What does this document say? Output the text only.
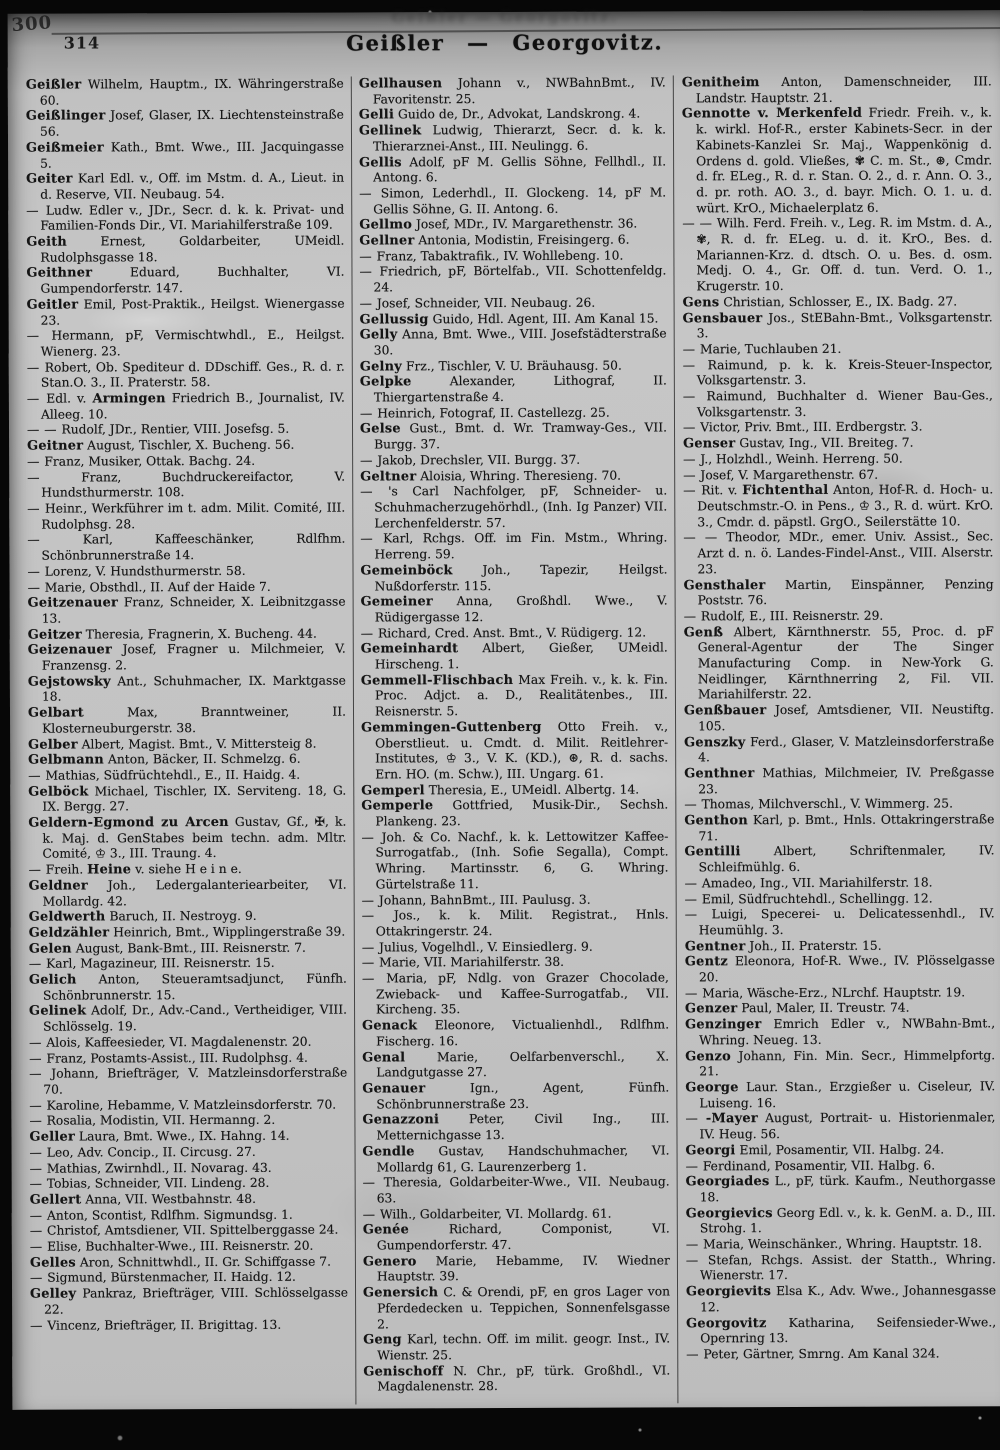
300	Geißler — Georgovitz.
314	Geißler — Georgovitz.

Geißler Wilhelm, Hauptm., IX. Währingerstraße 60.

Geißlinger Josef, Glaser, IX. Liechtensteinstraße 56.

Geißmeier Kath., Bmt. Wwe., III. Jacquingasse 5.

Geiter Karl Edl. v., Off. im Mstm. d. A., Lieut. in d. Reserve, VII. Neubaug. 54.

— Ludw. Edler v., JDr., Secr. d. k. k. Privat- und Familien-Fonds Dir., VI. Mariahilferstraße 109.

Geith Ernest, Goldarbeiter, UMeidl. Rudolphsgasse 18.

Geithner Eduard, Buchhalter, VI. Gumpendorferstr. 147.

Geitler Emil, Post-Praktik., Heilgst. Wienergasse 23.

— Hermann, pF, Vermischtwhdl., E., Heilgst. Wienerg. 23.

— Robert, Ob. Spediteur d. DDschiff. Ges., R. d. r. Stan.O. 3., II. Praterstr. 58.

— Edl. v. Armingen Friedrich B., Journalist, IV. Alleeg. 10.

— — Rudolf, JDr., Rentier, VIII. Josefsg. 5.

Geitner August, Tischler, X. Bucheng. 56.

— Franz, Musiker, Ottak. Bachg. 24.

— Franz, Buchdruckereifactor, V. Hundsthurmerstr. 108.

— Heinr., Werkführer im t. adm. Milit. Comité, III. Rudolphsg. 28.

— Karl, Kaffeeschänker, Rdlfhm. Schönbrunnerstraße 14.

— Lorenz, V. Hundsthurmerstr. 58.

— Marie, Obsthdl., II. Auf der Haide 7.

Geitzenauer Franz, Schneider, X. Leibnitzgasse 13.

Geitzer Theresia, Fragnerin, X. Bucheng. 44.

Geizenauer Josef, Fragner u. Milchmeier, V. Franzensg. 2.

Gejstowsky Ant., Schuhmacher, IX. Marktgasse 18.

Gelbart Max, Branntweiner, II. Klosterneuburgerstr. 38.

Gelber Albert, Magist. Bmt., V. Mittersteig 8.

Gelbmann Anton, Bäcker, II. Schmelzg. 6.

— Mathias, Südfrüchtehdl., E., II. Haidg. 4.

Gelböck Michael, Tischler, IX. Serviteng. 18, G. IX. Bergg. 27.

Geldern-Egmond zu Arcen Gustav, Gf., ✠, k. k. Maj. d. GenStabes beim techn. adm. Mltr. Comité, ♔ 3., III. Traung. 4.

— Freih. Heine v. siehe H e i n e.

Geldner Joh., Ledergalanteriearbeiter, VI. Mollardg. 42.

Geldwerth Baruch, II. Nestroyg. 9.

Geldzähler Heinrich, Bmt., Wipplingerstraße 39.

Gelen August, Bank-Bmt., III. Reisnerstr. 7.

— Karl, Magazineur, III. Reisnerstr. 15.

Gelich Anton, Steueramtsadjunct, Fünfh. Schönbrunnerstr. 15.

Gelinek Adolf, Dr., Adv.-Cand., Vertheidiger, VIII. Schlösselg. 19.

— Alois, Kaffeesieder, VI. Magdalenenstr. 20.

— Franz, Postamts-Assist., III. Rudolphsg. 4.

— Johann, Briefträger, V. Matzleinsdorferstraße 70.

— Karoline, Hebamme, V. Matzleinsdorferstr. 70.

— Rosalia, Modistin, VII. Hermanng. 2.

Geller Laura, Bmt. Wwe., IX. Hahng. 14.

— Leo, Adv. Concip., II. Circusg. 27.

— Mathias, Zwirnhdl., II. Novarag. 43.

— Tobias, Schneider, VII. Lindeng. 28.

Gellert Anna, VII. Westbahnstr. 48.

— Anton, Scontist, Rdlfhm. Sigmundsg. 1.

— Christof, Amtsdiener, VII. Spittelberggasse 24.

— Elise, Buchhalter-Wwe., III. Reisnerstr. 20.

Gelles Aron, Schnittwhdl., II. Gr. Schiffgasse 7.

— Sigmund, Bürstenmacher, II. Haidg. 12.

Gelley Pankraz, Briefträger, VIII. Schlösselgasse 22.

— Vincenz, Briefträger, II. Brigittag. 13.

Gellhausen Johann v., NWBahnBmt., IV. Favoritenstr. 25.

Gelli Guido de, Dr., Advokat, Landskrong. 4.

Gellinek Ludwig, Thierarzt, Secr. d. k. k. Thierarznei-Anst., III. Neulingg. 6.

Gellis Adolf, pF M. Gellis Söhne, Fellhdl., II. Antong. 6.

— Simon, Lederhdl., II. Glockeng. 14, pF M. Gellis Söhne, G. II. Antong. 6.

Gellmo Josef, MDr., IV. Margarethenstr. 36.

Gellner Antonia, Modistin, Freisingerg. 6.

— Franz, Tabaktrafik., IV. Wohllebeng. 10.

— Friedrich, pF, Börtelfab., VII. Schottenfeldg. 24.

— Josef, Schneider, VII. Neubaug. 26.

Gellussig Guido, Hdl. Agent, III. Am Kanal 15.

Gelly Anna, Bmt. Wwe., VIII. Josefstädterstraße 30.

Gelny Frz., Tischler, V. U. Bräuhausg. 50.

Gelpke Alexander, Lithograf, II. Thiergartenstraße 4.

— Heinrich, Fotograf, II. Castellezg. 25.

Gelse Gust., Bmt. d. Wr. Tramway-Ges., VII. Burgg. 37.

— Jakob, Drechsler, VII. Burgg. 37.

Geltner Aloisia, Whring. Theresieng. 70.

— 's Carl Nachfolger, pF, Schneider- u. Schuhmacherzugehörhdl., (Inh. Ig Panzer) VII. Lerchenfelderstr. 57.

— Karl, Rchgs. Off. im Fin. Mstm., Whring. Herreng. 59.

Gemeinböck Joh., Tapezir, Heilgst. Nußdorferstr. 115.

Gemeiner Anna, Großhdl. Wwe., V. Rüdigergasse 12.

— Richard, Cred. Anst. Bmt., V. Rüdigerg. 12.

Gemeinhardt Albert, Gießer, UMeidl. Hirscheng. 1.

Gemmell-Flischbach Max Freih. v., k. k. Fin. Proc. Adjct. a. D., Realitätenbes., III. Reisnerstr. 5.

Gemmingen-Guttenberg Otto Freih. v., Oberstlieut. u. Cmdt. d. Milit. Reitlehrer-Institutes, ♔ 3., V. K. (KD.), ⊛, R. d. sachs. Ern. HO. (m. Schw.), III. Ungarg. 61.

Gemperl Theresia, E., UMeidl. Albertg. 14.

Gemperle Gottfried, Musik-Dir., Sechsh. Plankeng. 23.

— Joh. & Co. Nachf., k. k. Lettowitzer Kaffee-Surrogatfab., (Inh. Sofie Segalla), Compt. Whring. Martinsstr. 6, G. Whring. Gürtelstraße 11.

— Johann, BahnBmt., III. Paulusg. 3.

— Jos., k. k. Milit. Registrat., Hnls. Ottakringerstr. 24.

— Julius, Vogelhdl., V. Einsiedlerg. 9.

— Marie, VII. Mariahilferstr. 38.

— Maria, pF, Ndlg. von Grazer Chocolade, Zwieback- und Kaffee-Surrogatfab., VII. Kircheng. 35.

Genack Eleonore, Victualienhdl., Rdlfhm. Fischerg. 16.

Genal Marie, Oelfarbenverschl., X. Landgutgasse 27.

Genauer Ign., Agent, Fünfh. Schönbrunnerstraße 23.

Genazzoni Peter, Civil Ing., III. Metternichgasse 13.

Gendle Gustav, Handschuhmacher, VI. Mollardg 61, G. Laurenzerberg 1.

— Theresia, Goldarbeiter-Wwe., VII. Neubaug. 63.

— Wilh., Goldarbeiter, VI. Mollardg. 61.

Genée Richard, Componist, VI. Gumpendorferstr. 47.

Genero Marie, Hebamme, IV. Wiedner Hauptstr. 39.

Genersich C. & Orendi, pF, en gros Lager von Pferdedecken u. Teppichen, Sonnenfelsgasse 2.

Geng Karl, techn. Off. im milit. geogr. Inst., IV. Wienstr. 25.

Genischoff N. Chr., pF, türk. Großhdl., VI. Magdalenenstr. 28.

Genitheim Anton, Damenschneider, III. Landstr. Hauptstr. 21.

Gennotte v. Merkenfeld Friedr. Freih. v., k. k. wirkl. Hof-R., erster Kabinets-Secr. in der Kabinets-Kanzlei Sr. Maj., Wappenkönig d. Ordens d. gold. Vließes, ✾ C. m. St., ⊛, Cmdr. d. fr. ELeg., R. d. r. Stan. O. 2., d. r. Ann. O. 3., d. pr. roth. AO. 3., d. bayr. Mich. O. 1. u. d. würt. KrO., Michaelerplatz 6.

— — Wilh. Ferd. Freih. v., Leg. R. im Mstm. d. A., ✾, R. d. fr. ELeg. u. d. it. KrO., Bes. d. Mariannen-Krz. d. dtsch. O. u. Bes. d. osm. Medj. O. 4., Gr. Off. d. tun. Verd. O. 1., Krugerstr. 10.

Gens Christian, Schlosser, E., IX. Badg. 27.

Gensbauer Jos., StEBahn-Bmt., Volksgartenstr. 3.

— Marie, Tuchlauben 21.

— Raimund, p. k. k. Kreis-Steuer-Inspector, Volksgartenstr. 3.

— Raimund, Buchhalter d. Wiener Bau-Ges., Volksgartenstr. 3.

— Victor, Priv. Bmt., III. Erdbergstr. 3.

Genser Gustav, Ing., VII. Breiteg. 7.

— J., Holzhdl., Weinh. Herreng. 50.

— Josef, V. Margarethenstr. 67.

— Rit. v. Fichtenthal Anton, Hof-R. d. Hoch- u. Deutschmstr.-O. in Pens., ♔ 3., R. d. würt. KrO. 3., Cmdr. d. päpstl. GrgO., Seilerstätte 10.

— — Theodor, MDr., emer. Univ. Assist., Sec. Arzt d. n. ö. Landes-Findel-Anst., VIII. Alserstr. 23.

Gensthaler Martin, Einspänner, Penzing Poststr. 76.

— Rudolf, E., III. Reisnerstr. 29.

Genß Albert, Kärnthnerstr. 55, Proc. d. pF General-Agentur der The Singer Manufacturing Comp. in New-York G. Neidlinger, Kärnthnerring 2, Fil. VII. Mariahilferstr. 22.

Genßbauer Josef, Amtsdiener, VII. Neustiftg. 105.

Genszky Ferd., Glaser, V. Matzleinsdorferstraße 4.

Genthner Mathias, Milchmeier, IV. Preßgasse 23.

— Thomas, Milchverschl., V. Wimmerg. 25.

Genthon Karl, p. Bmt., Hnls. Ottakringerstraße 71.

Gentilli Albert, Schriftenmaler, IV. Schleifmühlg. 6.

— Amadeo, Ing., VII. Mariahilferstr. 18.

— Emil, Südfruchtehdl., Schellingg. 12.

— Luigi, Specerei- u. Delicatessenhdl., IV. Heumühlg. 3.

Gentner Joh., II. Praterstr. 15.

Gentz Eleonora, Hof-R. Wwe., IV. Plösselgasse 20.

— Maria, Wäsche-Erz., NLrchf. Hauptstr. 19.

Genzer Paul, Maler, II. Treustr. 74.

Genzinger Emrich Edler v., NWBahn-Bmt., Whring. Neueg. 13.

Genzo Johann, Fin. Min. Secr., Himmelpfortg. 21.

George Laur. Stan., Erzgießer u. Ciseleur, IV. Luiseng. 16.

— -Mayer August, Portrait- u. Historienmaler, IV. Heug. 56.

Georgi Emil, Posamentir, VII. Halbg. 24.

— Ferdinand, Posamentir, VII. Halbg. 6.

Georgiades L., pF, türk. Kaufm., Neuthorgasse 18.

Georgievics Georg Edl. v., k. k. GenM. a. D., III. Strohg. 1.

— Maria, Weinschänker., Whring. Hauptstr. 18.

— Stefan, Rchgs. Assist. der Statth., Whring. Wienerstr. 17.

Georgievits Elsa K., Adv. Wwe., Johannesgasse 12.

Georgovitz Katharina, Seifensieder-Wwe., Opernring 13.

— Peter, Gärtner, Smrng. Am Kanal 324.
